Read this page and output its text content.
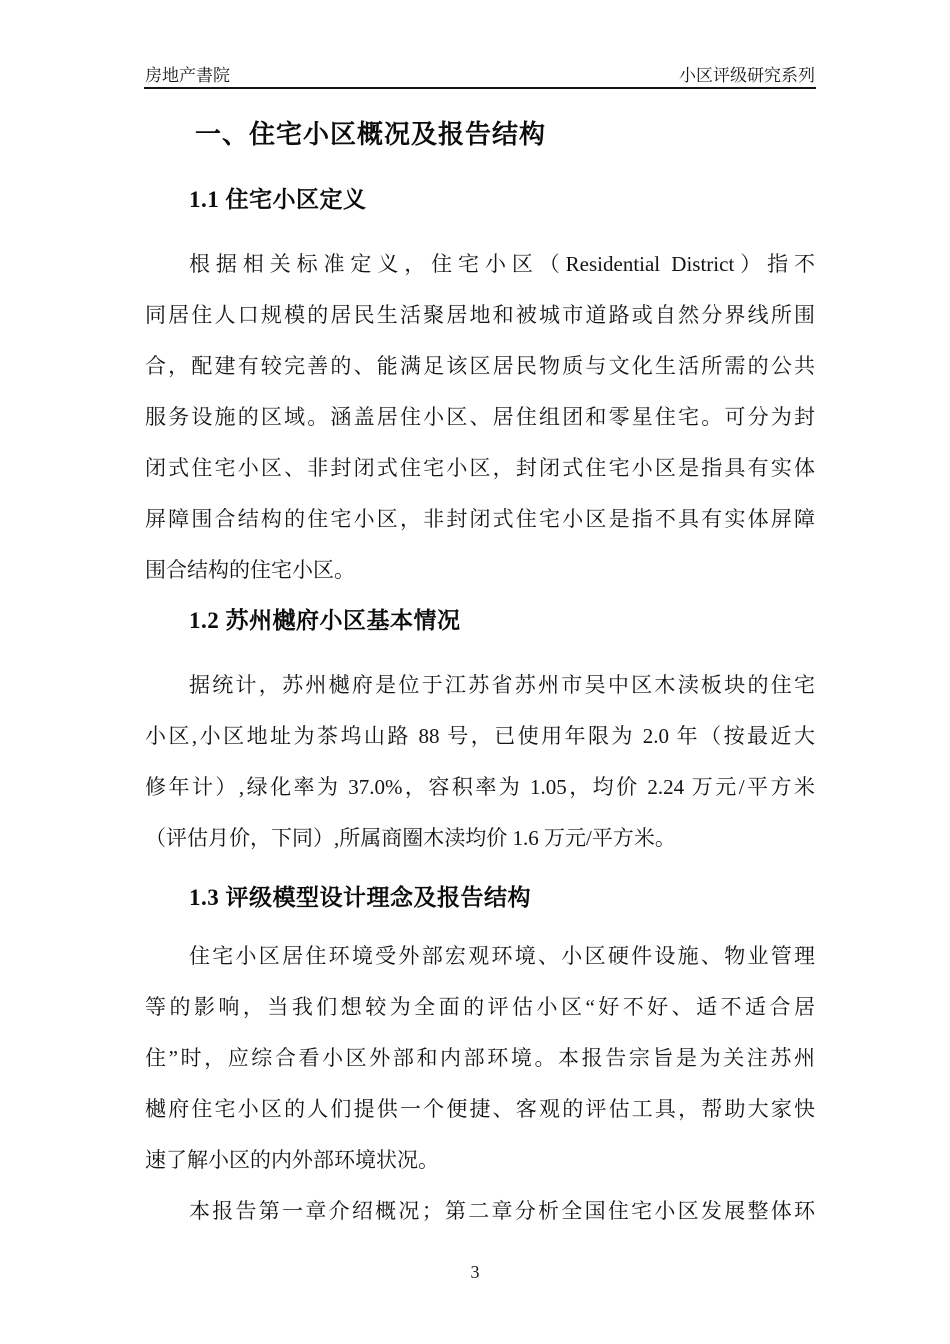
房地产書院	小区评级研究系列
一、住宅小区概况及报告结构
1.1 住宅小区定义
根据相关标准定义，住宅小区（Residential District）指不
同居住人口规模的居民生活聚居地和被城市道路或自然分界线所围
合，配建有较完善的、能满足该区居民物质与文化生活所需的公共
服务设施的区域。涵盖居住小区、居住组团和零星住宅。可分为封
闭式住宅小区、非封闭式住宅小区，封闭式住宅小区是指具有实体
屏障围合结构的住宅小区，非封闭式住宅小区是指不具有实体屏障
围合结构的住宅小区。
1.2 苏州樾府小区基本情况
据统计，苏州樾府是位于江苏省苏州市吴中区木渎板块的住宅
小区,小区地址为茶坞山路 88 号，已使用年限为 2.0 年（按最近大
修年计）,绿化率为 37.0%，容积率为 1.05，均价 2.24 万元/平方米
（评估月价，下同）,所属商圈木渎均价 1.6 万元/平方米。
1.3 评级模型设计理念及报告结构
住宅小区居住环境受外部宏观环境、小区硬件设施、物业管理
等的影响，当我们想较为全面的评估小区“好不好、适不适合居
住”时，应综合看小区外部和内部环境。本报告宗旨是为关注苏州
樾府住宅小区的人们提供一个便捷、客观的评估工具，帮助大家快
速了解小区的内外部环境状况。
本报告第一章介绍概况；第二章分析全国住宅小区发展整体环
3
